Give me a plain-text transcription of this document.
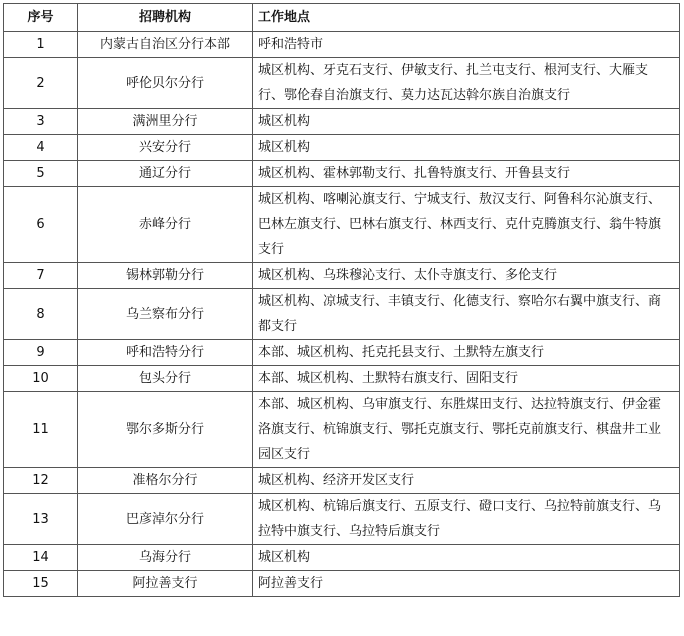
序号	招聘机构	工作地点
1	内蒙古自治区分行本部	呼和浩特市
2	呼伦贝尔分行	城区机构、牙克石支行、伊敏支行、扎兰屯支行、根河支行、大雁支行、鄂伦春自治旗支行、莫力达瓦达斡尔族自治旗支行
3	满洲里分行	城区机构
4	兴安分行	城区机构
5	通辽分行	城区机构、霍林郭勒支行、扎鲁特旗支行、开鲁县支行
6	赤峰分行	城区机构、喀喇沁旗支行、宁城支行、敖汉支行、阿鲁科尔沁旗支行、巴林左旗支行、巴林右旗支行、林西支行、克什克腾旗支行、翁牛特旗支行
7	锡林郭勒分行	城区机构、乌珠穆沁支行、太仆寺旗支行、多伦支行
8	乌兰察布分行	城区机构、凉城支行、丰镇支行、化德支行、察哈尔右翼中旗支行、商都支行
9	呼和浩特分行	本部、城区机构、托克托县支行、土默特左旗支行
10	包头分行	本部、城区机构、土默特右旗支行、固阳支行
11	鄂尔多斯分行	本部、城区机构、乌审旗支行、东胜煤田支行、达拉特旗支行、伊金霍洛旗支行、杭锦旗支行、鄂托克旗支行、鄂托克前旗支行、棋盘井工业园区支行
12	准格尔分行	城区机构、经济开发区支行
13	巴彦淖尔分行	城区机构、杭锦后旗支行、五原支行、磴口支行、乌拉特前旗支行、乌拉特中旗支行、乌拉特后旗支行
14	乌海分行	城区机构
15	阿拉善支行	阿拉善支行
